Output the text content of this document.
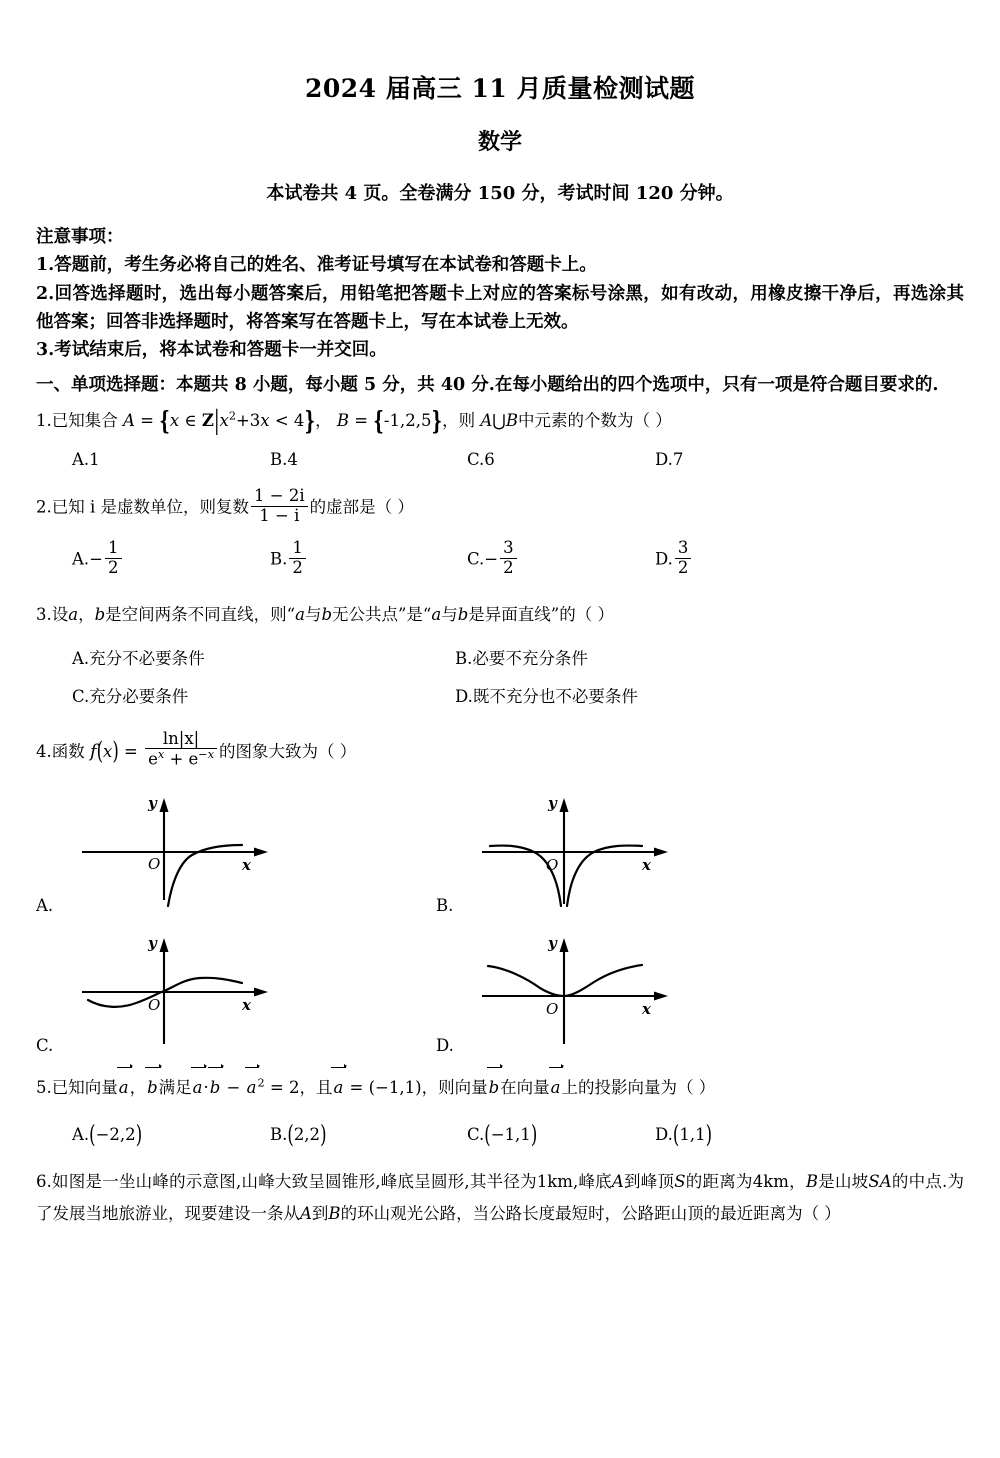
2024 届高三 11 月质量检测试题
数学
本试卷共 4 页。全卷满分 150 分，考试时间 120 分钟。

注意事项：

1.答题前，考生务必将自己的姓名、准考证号填写在本试卷和答题卡上。

2.回答选择题时，选出每小题答案后，用铅笔把答题卡上对应的答案标号涂黑，如有改动，用橡皮擦干净后，再选涂其他答案；回答非选择题时，将答案写在答题卡上，写在本试卷上无效。

3.考试结束后，将本试卷和答题卡一并交回。

一、单项选择题：本题共 8 小题，每小题 5 分，共 40 分.在每小题给出的四个选项中，只有一项是符合题目要求的.
1.已知集合 A = {x ∈ $Z|x^2+3x < 4$}， B = {-1,2,5}，则 A⋃B中元素的个数为（ ）
A.1	B.4	C.6	D.7
2.已知 i 是虚数单位，则复数 $\frac{1 - 2i}{1 - i}$ 的虚部是（ ）
$A.- \frac{1}{2}$	B. $\frac{1}{2}$	$C.- \frac{3}{2}$	D. $\frac{3}{2}$
3.设a，b是空间两条不同直线，则“a与b无公共点”是“a与b是异面直线”的（ ）
A.充分不必要条件	B.必要不充分条件
C.充分必要条件	D.既不充分也不必要条件
4.函数 $f(x) = \frac{\ln|x|}{e^x + e^{-x}}$ 的图象大致为（ ）
A.
O	x
y
B.
O	x
y
C.
O	x
y
D.
O	x
y
5.已知向量a，b满足$a\cdot b - a^2 = 2$，且a = (−1,1)，则向量b在向量a上的投影向量为（ ）
A.(−2,2)	B.(2,2)	C.(−1,1)	D.(1,1)
6.如图是一坐山峰的示意图,山峰大致呈圆锥形,峰底呈圆形,其半径为1km,峰底A到峰顶S的距离为4km，B是山坡SA的中点.为了发展当地旅游业，现要建设一条从A到B的环山观光公路，当公路长度最短时，公路距山顶的最近距离为（ ）
